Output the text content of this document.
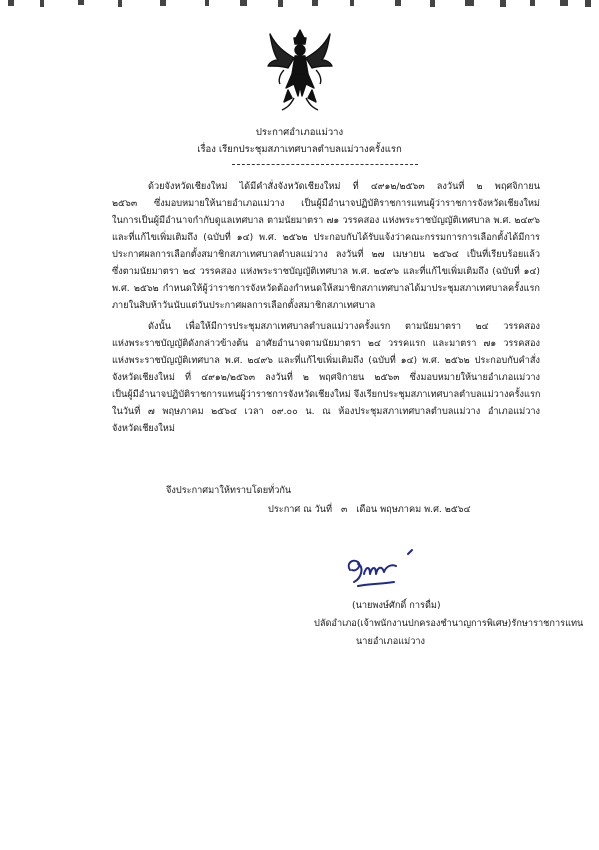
ประกาศอำเภอแม่วาง
เรื่อง เรียกประชุมสภาเทศบาลตำบลแม่วางครั้งแรก
ด้วยจังหวัดเชียงใหม่ ได้มีคำสั่งจังหวัดเชียงใหม่ ที่ ๔๙๑๒/๒๕๖๓ ลงวันที่ ๒ พฤศจิกายน
๒๕๖๓ ซึ่งมอบหมายให้นายอำเภอแม่วาง เป็นผู้มีอำนาจปฏิบัติราชการแทนผู้ว่าราชการจังหวัดเชียงใหม่
ในการเป็นผู้มีอำนาจกำกับดูแลเทศบาล ตามนัยมาตรา ๗๑ วรรคสอง แห่งพระราชบัญญัติเทศบาล พ.ศ. ๒๔๙๖
และที่แก้ไขเพิ่มเติมถึง (ฉบับที่ ๑๔) พ.ศ. ๒๕๖๒ ประกอบกับได้รับแจ้งว่าคณะกรรมการการเลือกตั้งได้มีการ
ประกาศผลการเลือกตั้งสมาชิกสภาเทศบาลตำบลแม่วาง ลงวันที่ ๒๗ เมษายน ๒๕๖๔ เป็นที่เรียบร้อยแล้ว
ซึ่งตามนัยมาตรา ๒๔ วรรคสอง แห่งพระราชบัญญัติเทศบาล พ.ศ. ๒๔๙๖ และที่แก้ไขเพิ่มเติมถึง (ฉบับที่ ๑๔)
พ.ศ. ๒๕๖๒ กำหนดให้ผู้ว่าราชการจังหวัดต้องกำหนดให้สมาชิกสภาเทศบาลได้มาประชุมสภาเทศบาลครั้งแรก
ภายในสิบห้าวันนับแต่วันประกาศผลการเลือกตั้งสมาชิกสภาเทศบาล
ดังนั้น เพื่อให้มีการประชุมสภาเทศบาลตำบลแม่วางครั้งแรก ตามนัยมาตรา ๒๔ วรรคสอง
แห่งพระราชบัญญัติดังกล่าวข้างต้น อาศัยอำนาจตามนัยมาตรา ๒๔ วรรคแรก และมาตรา ๗๑ วรรคสอง
แห่งพระราชบัญญัติเทศบาล พ.ศ. ๒๔๙๖ และที่แก้ไขเพิ่มเติมถึง (ฉบับที่ ๑๔) พ.ศ. ๒๕๖๒ ประกอบกับคำสั่ง
จังหวัดเชียงใหม่ ที่ ๔๙๑๒/๒๕๖๓ ลงวันที่ ๒ พฤศจิกายน ๒๕๖๓ ซึ่งมอบหมายให้นายอำเภอแม่วาง
เป็นผู้มีอำนาจปฏิบัติราชการแทนผู้ว่าราชการจังหวัดเชียงใหม่ จึงเรียกประชุมสภาเทศบาลตำบลแม่วางครั้งแรก
ในวันที่ ๗ พฤษภาคม ๒๕๖๔ เวลา ๐๙.๐๐ น. ณ ห้องประชุมสภาเทศบาลตำบลแม่วาง อำเภอแม่วาง
จังหวัดเชียงใหม่
จึงประกาศมาให้ทราบโดยทั่วกัน
ประกาศ ณ วันที่ ๓ เดือน พฤษภาคม พ.ศ. ๒๕๖๔
(นายพงษ์ศักดิ์ การดื่ม)
ปลัดอำเภอ(เจ้าพนักงานปกครองชำนาญการพิเศษ)รักษาราชการแทน
นายอำเภอแม่วาง
